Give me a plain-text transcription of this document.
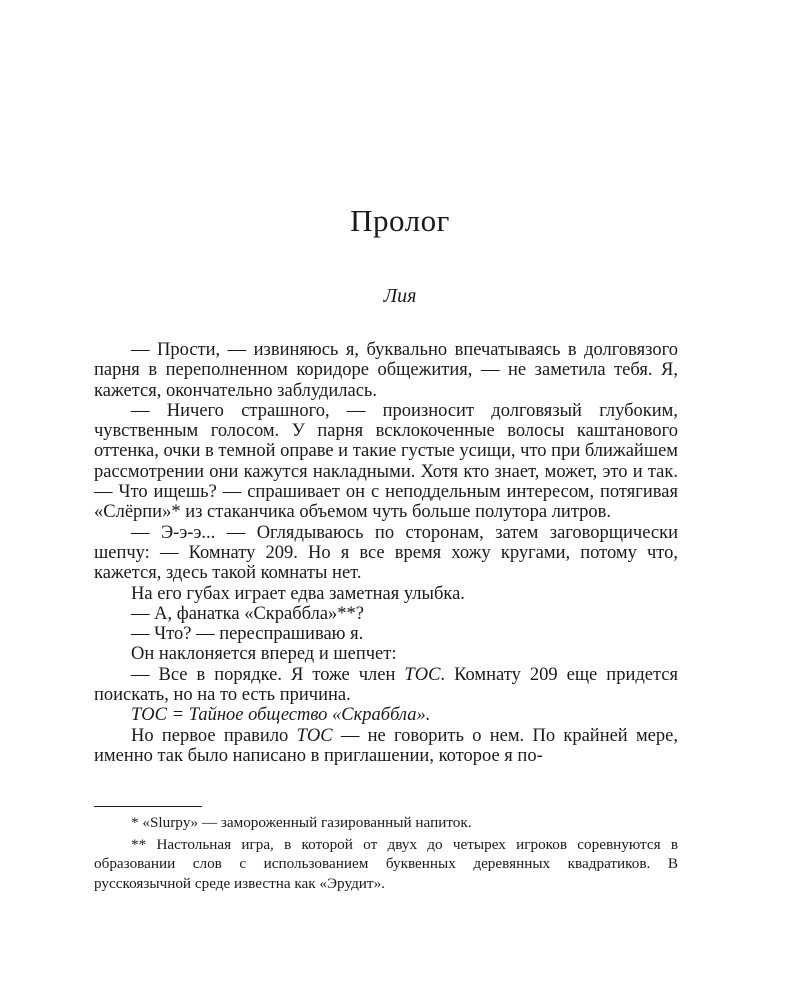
Пролог
Лия

— Прости, — извиняюсь я, буквально впечатываясь в долговязого парня в переполненном коридоре общежития, — не заметила тебя. Я, кажется, окончательно заблудилась.

— Ничего страшного, — произносит долговязый глубоким, чувственным голосом. У парня всклокоченные волосы каштанового оттенка, очки в темной оправе и такие густые усищи, что при ближайшем рассмотрении они кажутся накладными. Хотя кто знает, может, это и так. — Что ищешь? — спрашивает он с неподдельным интересом, потягивая «Слёрпи»* из стаканчика объемом чуть больше полутора литров.

— Э-э-э... — Оглядываюсь по сторонам, затем заговорщически шепчу: — Комнату 209. Но я все время хожу кругами, потому что, кажется, здесь такой комнаты нет.

На его губах играет едва заметная улыбка.

— А, фанатка «Скраббла»**?

— Что? — переспрашиваю я.

Он наклоняется вперед и шепчет:

— Все в порядке. Я тоже член ТОС. Комнату 209 еще придется поискать, но на то есть причина.

ТОС = Тайное общество «Скраббла».

Но первое правило ТОС — не говорить о нем. По крайней мере, именно так было написано в приглашении, которое я по-

* «Slurpy» — замороженный газированный напиток.

** Настольная игра, в которой от двух до четырех игроков соревнуются в образовании слов с использованием буквенных деревянных квадратиков. В русскоязычной среде известна как «Эрудит».
